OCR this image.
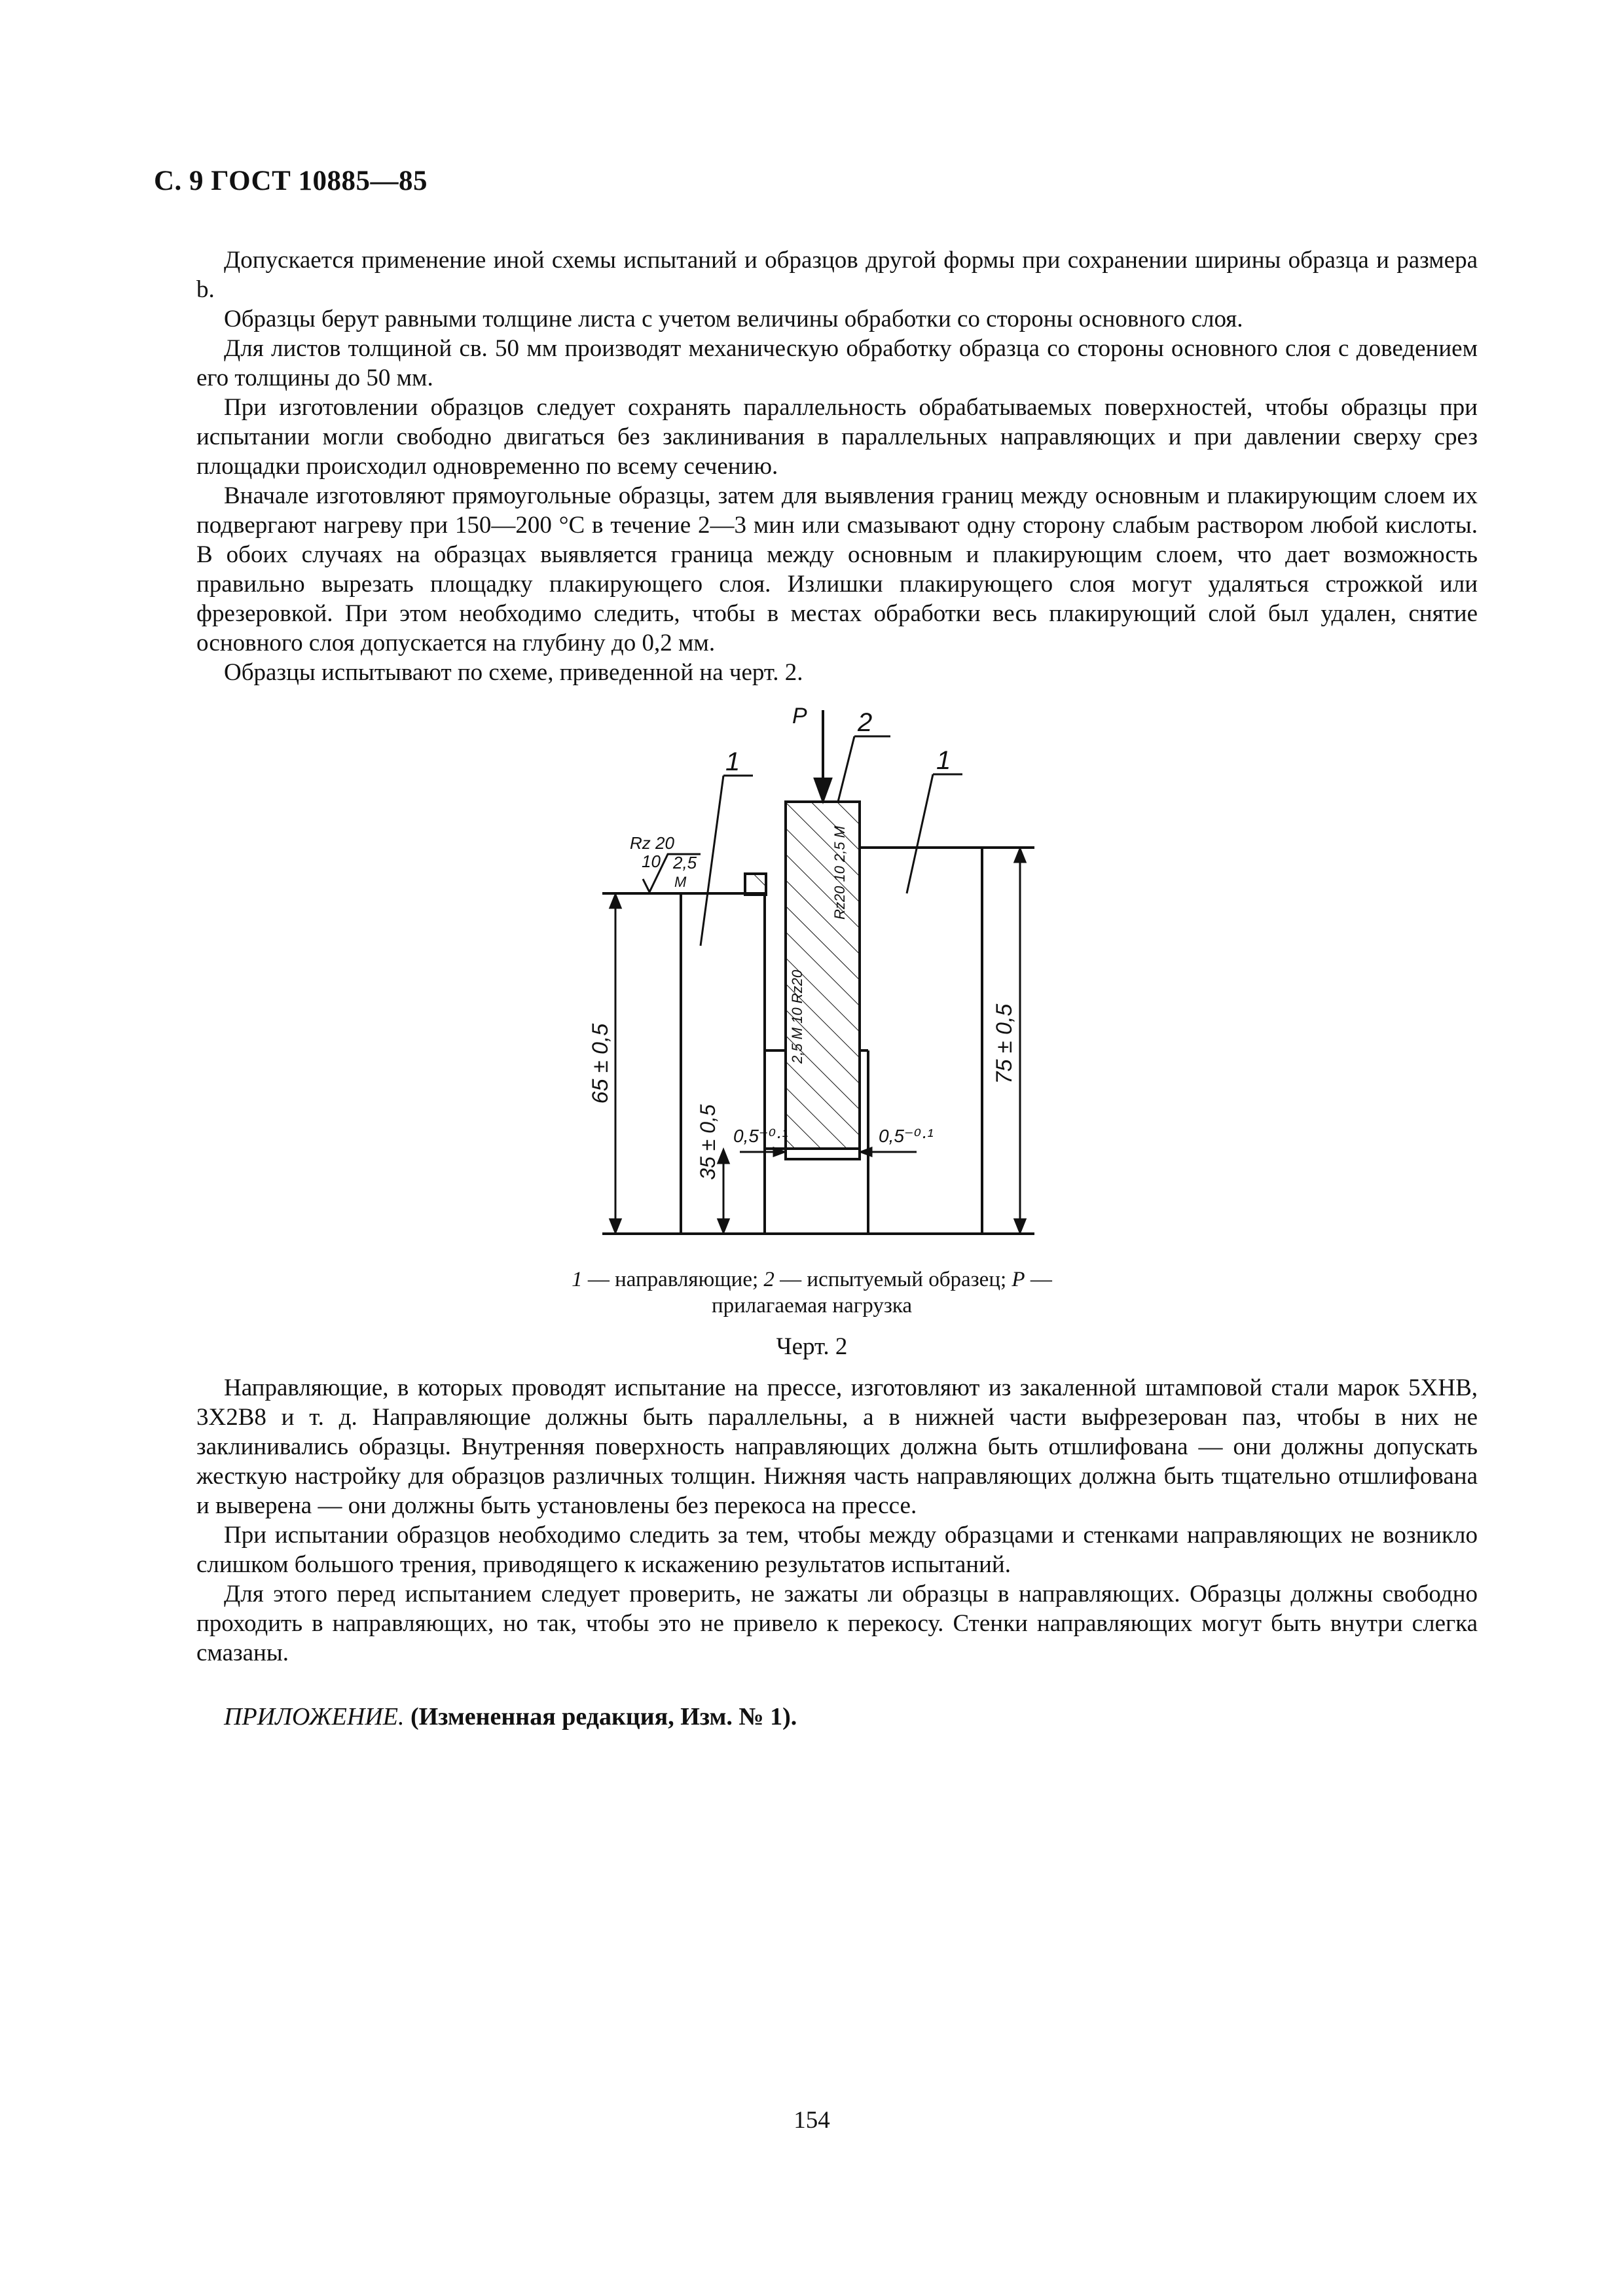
С. 9 ГОСТ 10885—85

Допускается применение иной схемы испытаний и образцов другой формы при сохранении ширины образца и размера b.

Образцы берут равными толщине листа с учетом величины обработки со стороны основного слоя.

Для листов толщиной св. 50 мм производят механическую обработку образца со стороны основного слоя с доведением его толщины до 50 мм.

При изготовлении образцов следует сохранять параллельность обрабатываемых поверхностей, чтобы образцы при испытании могли свободно двигаться без заклинивания в параллельных направляющих и при давлении сверху срез площадки происходил одновременно по всему сечению.

Вначале изготовляют прямоугольные образцы, затем для выявления границ между основным и плакирующим слоем их подвергают нагреву при 150—200 °С в течение 2—3 мин или смазывают одну сторону слабым раствором любой кислоты. В обоих случаях на образцах выявляется граница между основным и плакирующим слоем, что дает возможность правильно вырезать площадку плакирующего слоя. Излишки плакирующего слоя могут удаляться строжкой или фрезеровкой. При этом необходимо следить, чтобы в местах обработки весь плакирующий слой был удален, снятие основного слоя допускается на глубину до 0,2 мм.

Образцы испытывают по схеме, приведенной на черт. 2.

P 2
1	1
Rz 20
10 2,5
M	Rz20 10 2,5 M
2,5 M 10 Rz20
65 ± 0,5
35 ± 0,5
75 ± 0,5
0,5⁻⁰·¹	0,5⁻⁰·¹
1 — направляющие; 2 — испытуемый образец; P — прилагаемая нагрузка
Черт. 2

Направляющие, в которых проводят испытание на прессе, изготовляют из закаленной штамповой стали марок 5ХНВ, 3Х2В8 и т. д. Направляющие должны быть параллельны, а в нижней части выфрезерован паз, чтобы в них не заклинивались образцы. Внутренняя поверхность направляющих должна быть отшлифована — они должны допускать жесткую настройку для образцов различных толщин. Нижняя часть направляющих должна быть тщательно отшлифована и выверена — они должны быть установлены без перекоса на прессе.

При испытании образцов необходимо следить за тем, чтобы между образцами и стенками направляющих не возникло слишком большого трения, приводящего к искажению результатов испытаний.

Для этого перед испытанием следует проверить, не зажаты ли образцы в направляющих. Образцы должны свободно проходить в направляющих, но так, чтобы это не привело к перекосу. Стенки направляющих могут быть внутри слегка смазаны.

ПРИЛОЖЕНИЕ. (Измененная редакция, Изм. № 1).
154
